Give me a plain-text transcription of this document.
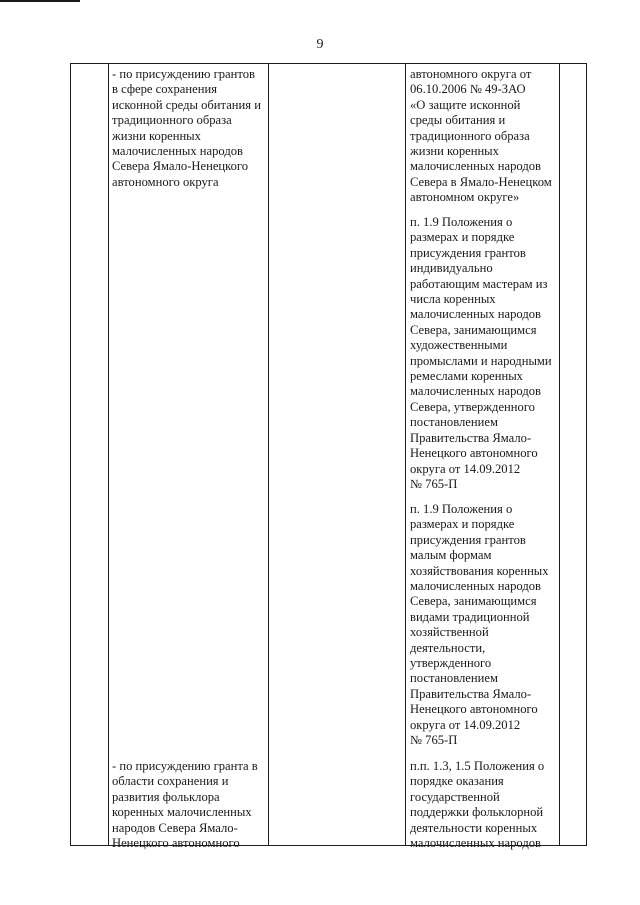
9
- по присуждению грантов
в сфере сохранения
исконной среды обитания и
традиционного образа
жизни коренных
малочисленных народов
Севера Ямало-Ненецкого
автономного округа
автономного округа от
06.10.2006 № 49-ЗАО
«О защите исконной
среды обитания и
традиционного образа
жизни коренных
малочисленных народов
Севера в Ямало-Ненецком
автономном округе»
п. 1.9 Положения о
размерах и порядке
присуждения грантов
индивидуально
работающим мастерам из
числа коренных
малочисленных народов
Севера, занимающимся
художественными
промыслами и народными
ремеслами коренных
малочисленных народов
Севера, утвержденного
постановлением
Правительства Ямало-
Ненецкого автономного
округа от 14.09.2012
№ 765-П
п. 1.9 Положения о
размерах и порядке
присуждения грантов
малым формам
хозяйствования коренных
малочисленных народов
Севера, занимающимся
видами традиционной
хозяйственной
деятельности,
утвержденного
постановлением
Правительства Ямало-
Ненецкого автономного
округа от 14.09.2012
№ 765-П
- по присуждению гранта в
области сохранения и
развития фольклора
коренных малочисленных
народов Севера Ямало-
Ненецкого автономного
п.п. 1.3, 1.5 Положения о
порядке оказания
государственной
поддержки фольклорной
деятельности коренных
малочисленных народов
